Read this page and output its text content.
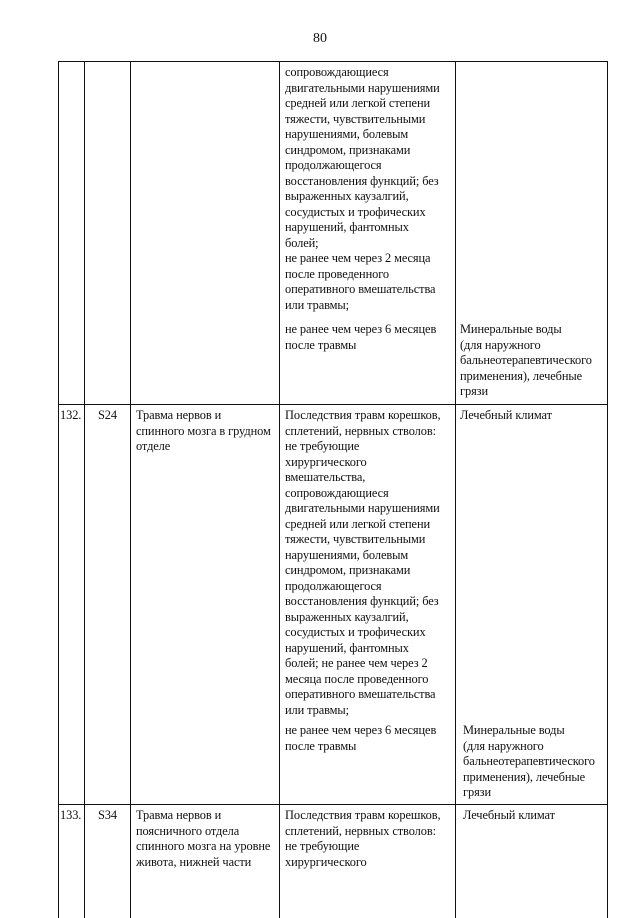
80
сопровождающиеся
двигательными нарушениями
средней или легкой степени
тяжести, чувствительными
нарушениями, болевым
синдромом, признаками
продолжающегося
восстановления функций; без
выраженных каузалгий,
сосудистых и трофических
нарушений, фантомных
болей;
не ранее чем через 2 месяца
после проведенного
оперативного вмешательства
или травмы;
не ранее чем через 6 месяцев
после травмы
Минеральные воды
(для наружного
бальнеотерапевтического
применения), лечебные
грязи
132. S24 Травма нервов и
спинного мозга в грудном
отделе
Последствия травм корешков,
сплетений, нервных стволов:
не требующие
хирургического
вмешательства,
сопровождающиеся
двигательными нарушениями
средней или легкой степени
тяжести, чувствительными
нарушениями, болевым
синдромом, признаками
продолжающегося
восстановления функций; без
выраженных каузалгий,
сосудистых и трофических
нарушений, фантомных
болей; не ранее чем через 2
месяца после проведенного
оперативного вмешательства
или травмы;
Лечебный климат
не ранее чем через 6 месяцев
после травмы
Минеральные воды
(для наружного
бальнеотерапевтического
применения), лечебные
грязи
133. S34 Травма нервов и
поясничного отдела
спинного мозга на уровне
живота, нижней части
Последствия травм корешков,
сплетений, нервных стволов:
не требующие
хирургического
Лечебный климат
